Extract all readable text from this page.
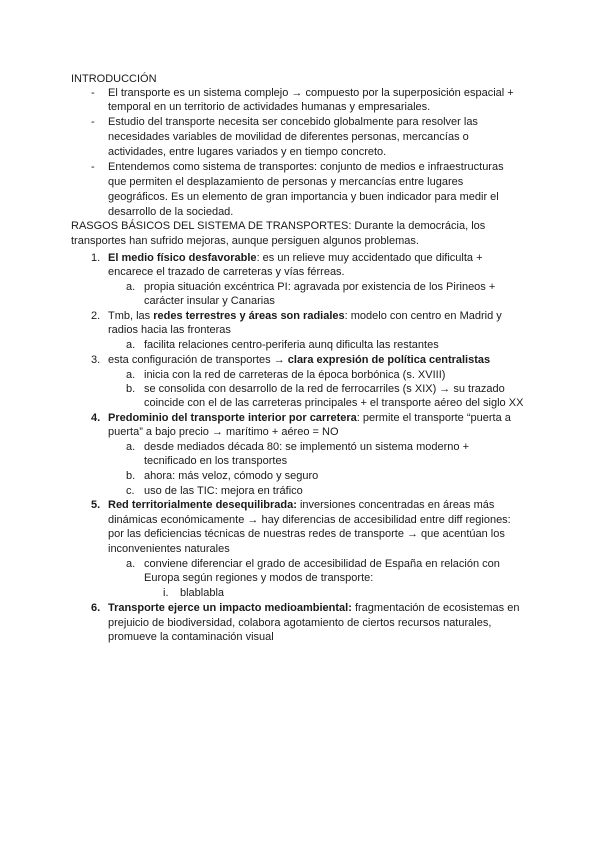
INTRODUCCIÓN
- El transporte es un sistema complejo → compuesto por la superposición espacial +
temporal en un territorio de actividades humanas y empresariales.
- Estudio del transporte necesita ser concebido globalmente para resolver las
necesidades variables de movilidad de diferentes personas, mercancías o
actividades, entre lugares variados y en tiempo concreto.
- Entendemos como sistema de transportes: conjunto de medios e infraestructuras
que permiten el desplazamiento de personas y mercancías entre lugares
geográficos. Es un elemento de gran importancia y buen indicador para medir el
desarrollo de la sociedad.
RASGOS BÁSICOS DEL SISTEMA DE TRANSPORTES: Durante la democrácia, los
transportes han sufrido mejoras, aunque persiguen algunos problemas.
1. El medio físico desfavorable: es un relieve muy accidentado que dificulta +
encarece el trazado de carreteras y vías férreas.
a. propia situación excéntrica PI: agravada por existencia de los Pirineos +
carácter insular y Canarias
2. Tmb, las redes terrestres y áreas son radiales: modelo con centro en Madrid y
radios hacia las fronteras
a. facilita relaciones centro-periferia aunq dificulta las restantes
3. esta configuración de transportes → clara expresión de política centralistas
a. inicia con la red de carreteras de la época borbónica (s. XVIII)
b. se consolida con desarrollo de la red de ferrocarriles (s XIX) → su trazado
coincide con el de las carreteras principales + el transporte aéreo del siglo XX
4. Predominio del transporte interior por carretera: permite el transporte “puerta a
puerta” a bajo precio → marítimo + aéreo = NO
a. desde mediados década 80: se implementó un sistema moderno +
tecnificado en los transportes
b. ahora: más veloz, cómodo y seguro
c. uso de las TIC: mejora en tráfico
5. Red territorialmente desequilibrada: inversiones concentradas en áreas más
dinámicas económicamente → hay diferencias de accesibilidad entre diff regiones:
por las deficiencias técnicas de nuestras redes de transporte → que acentúan los
inconvenientes naturales
a. conviene diferenciar el grado de accesibilidad de España en relación con
Europa según regiones y modos de transporte:
i. blablabla
6. Transporte ejerce un impacto medioambiental: fragmentación de ecosistemas en
prejuicio de biodiversidad, colabora agotamiento de ciertos recursos naturales,
promueve la contaminación visual
